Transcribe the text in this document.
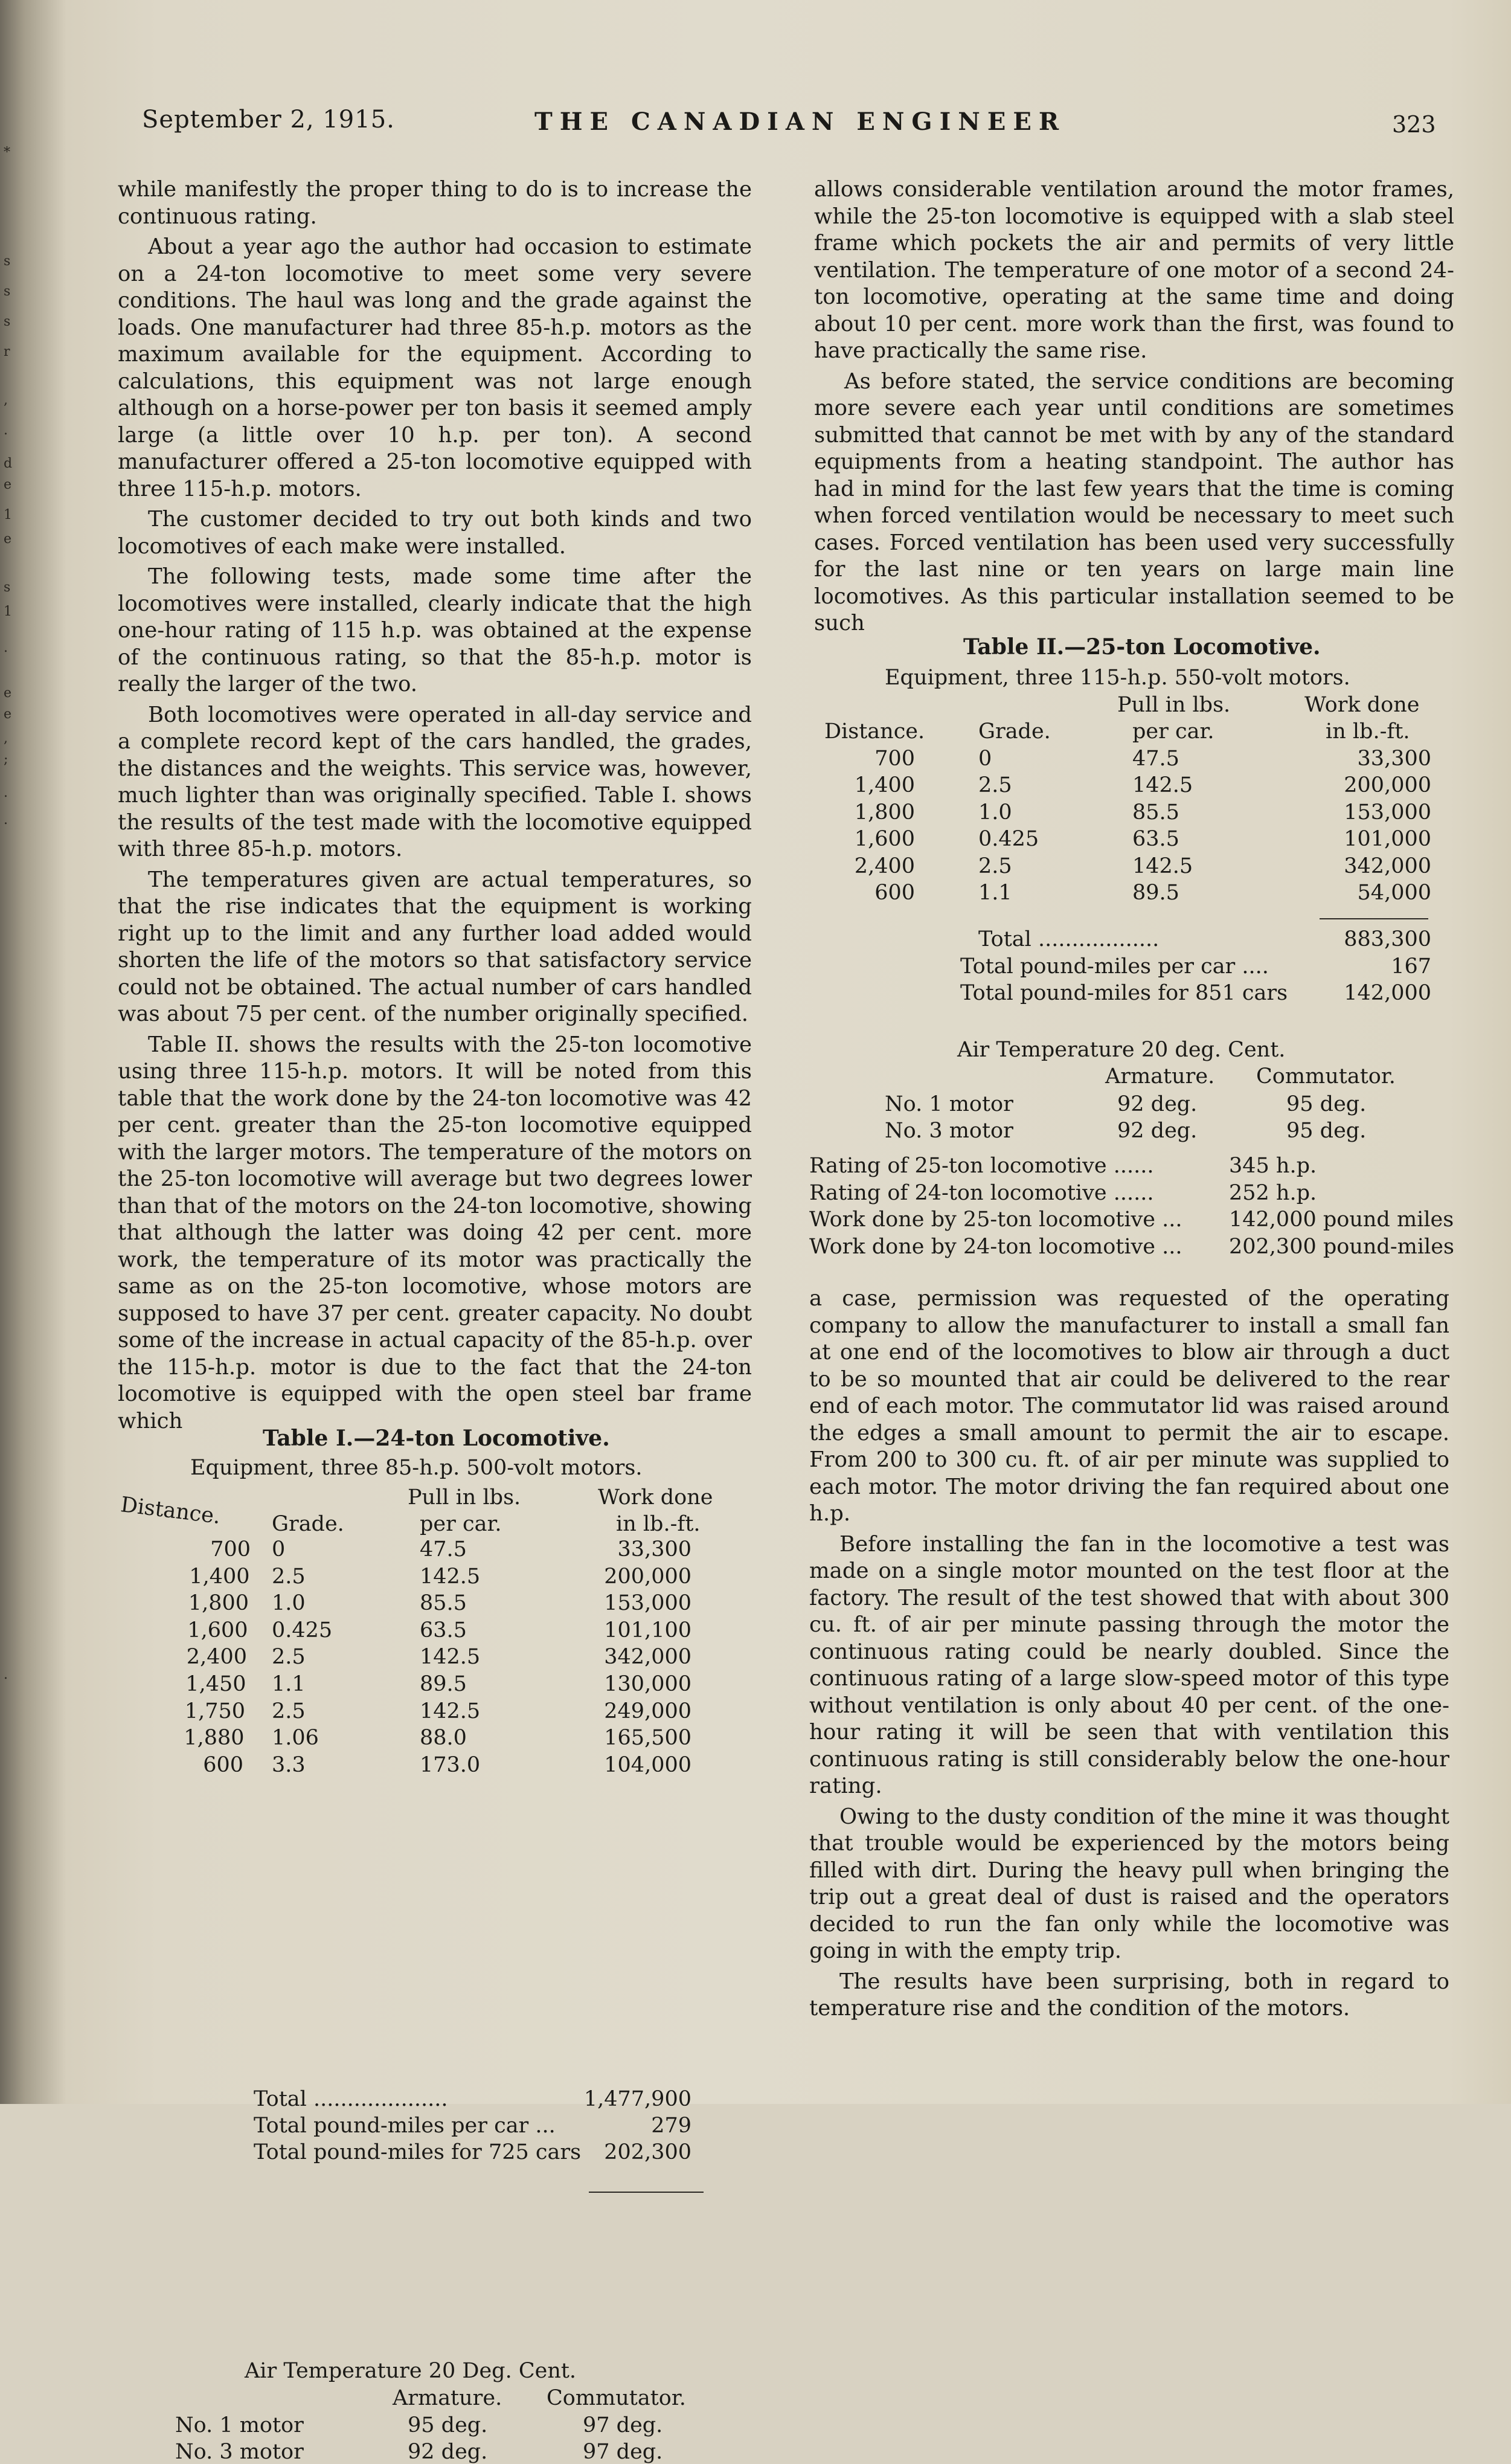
*
s
s
s
r
,
.
d
e
1
e
s
1
.
e
e
,
;
.
.
.
September 2, 1915.	THE CANADIAN ENGINEER	323

while manifestly the proper thing to do is to increase the continuous rating.

About a year ago the author had occasion to estimate on a 24-ton locomotive to meet some very severe conditions. The haul was long and the grade against the loads. One manufacturer had three 85-h.p. motors as the maximum available for the equipment. According to calculations, this equipment was not large enough although on a horse-power per ton basis it seemed amply large (a little over 10 h.p. per ton). A second manufacturer offered a 25-ton locomotive equipped with three 115-h.p. motors.

The customer decided to try out both kinds and two locomotives of each make were installed.

The following tests, made some time after the locomotives were installed, clearly indicate that the high one-hour rating of 115 h.p. was obtained at the expense of the continuous rating, so that the 85-h.p. motor is really the larger of the two.

Both locomotives were operated in all-day service and a complete record kept of the cars handled, the grades, the distances and the weights. This service was, however, much lighter than was originally specified. Table I. shows the results of the test made with the locomotive equipped with three 85-h.p. motors.

The temperatures given are actual temperatures, so that the rise indicates that the equipment is working right up to the limit and any further load added would shorten the life of the motors so that satisfactory service could not be obtained. The actual number of cars handled was about 75 per cent. of the number originally specified.

Table II. shows the results with the 25-ton locomotive using three 115-h.p. motors. It will be noted from this table that the work done by the 24-ton locomotive was 42 per cent. greater than the 25-ton locomotive equipped with the larger motors. The temperature of the motors on the 25-ton locomotive will average but two degrees lower than that of the motors on the 24-ton locomotive, showing that although the latter was doing 42 per cent. more work, the temperature of its motor was practically the same as on the 25-ton locomotive, whose motors are supposed to have 37 per cent. greater capacity. No doubt some of the increase in actual capacity of the 85-h.p. over the 115-h.p. motor is due to the fact that the 24-ton locomotive is equipped with the open steel bar frame which

allows considerable ventilation around the motor frames, while the 25-ton locomotive is equipped with a slab steel frame which pockets the air and permits of very little ventilation. The temperature of one motor of a second 24-ton locomotive, operating at the same time and doing about 10 per cent. more work than the first, was found to have practically the same rise.

As before stated, the service conditions are becoming more severe each year until conditions are sometimes submitted that cannot be met with by any of the standard equipments from a heating standpoint. The author has had in mind for the last few years that the time is coming when forced ventilation would be necessary to meet such cases. Forced ventilation has been used very successfully for the last nine or ten years on large main line locomotives. As this particular installation seemed to be such

a case, permission was requested of the operating company to allow the manufacturer to install a small fan at one end of the locomotives to blow air through a duct to be so mounted that air could be delivered to the rear end of each motor. The commutator lid was raised around the edges a small amount to permit the air to escape. From 200 to 300 cu. ft. of air per minute was supplied to each motor. The motor driving the fan required about one h.p.

Before installing the fan in the locomotive a test was made on a single motor mounted on the test floor at the factory. The result of the test showed that with about 300 cu. ft. of air per minute passing through the motor the continuous rating could be nearly doubled. Since the continuous rating of a large slow-speed motor of this type without ventilation is only about 40 per cent. of the one-hour rating it will be seen that with ventilation this continuous rating is still considerably below the one-hour rating.

Owing to the dusty condition of the mine it was thought that trouble would be experienced by the motors being filled with dirt. During the heavy pull when bringing the trip out a great deal of dust is raised and the operators decided to run the fan only while the locomotive was going in with the empty trip.

The results have been surprising, both in regard to temperature rise and the condition of the motors.

Table I.—24-ton Locomotive.
Equipment, three 85-h.p. 500-volt motors.
Pull in lbs.	Work done
Distance. Grade.	per car.	in lb.-ft.
700 0	47.5	33,300
1,400 2.5	142.5	200,000
1,800 1.0	85.5	153,000
1,600 0.425	63.5	101,100
2,400 2.5	142.5	342,000
1,450 1.1	89.5	130,000
1,750 2.5	142.5	249,000
1,880 1.06	88.0	165,500
600 3.3	173.0	104,000
Total ....................	1,477,900
Total pound-miles per car ...	279
Total pound-miles for 725 cars 202,300
Air Temperature 20 Deg. Cent.
Armature. Commutator.
No. 1 motor	95 deg.	97 deg.
No. 3 motor	92 deg.	97 deg.
Table II.—25-ton Locomotive.
Equipment, three 115-h.p. 550-volt motors.
Pull in lbs.	Work done
Distance.	Grade.	per car.	in lb.-ft.
700	0	47.5	33,300
1,400	2.5	142.5	200,000
1,800	1.0	85.5	153,000
1,600	0.425	63.5	101,000
2,400	2.5	142.5	342,000
600	1.1	89.5	54,000
Total ..................	883,300
Total pound-miles per car ....	167
Total pound-miles for 851 cars	142,000
Air Temperature 20 deg. Cent.
Armature. Commutator.
No. 1 motor	92 deg.	95 deg.
No. 3 motor	92 deg.	95 deg.
Rating of 25-ton locomotive ......	345 h.p.
Rating of 24-ton locomotive ......	252 h.p.
Work done by 25-ton locomotive ... 142,000 pound miles
Work done by 24-ton locomotive ... 202,300 pound-miles
